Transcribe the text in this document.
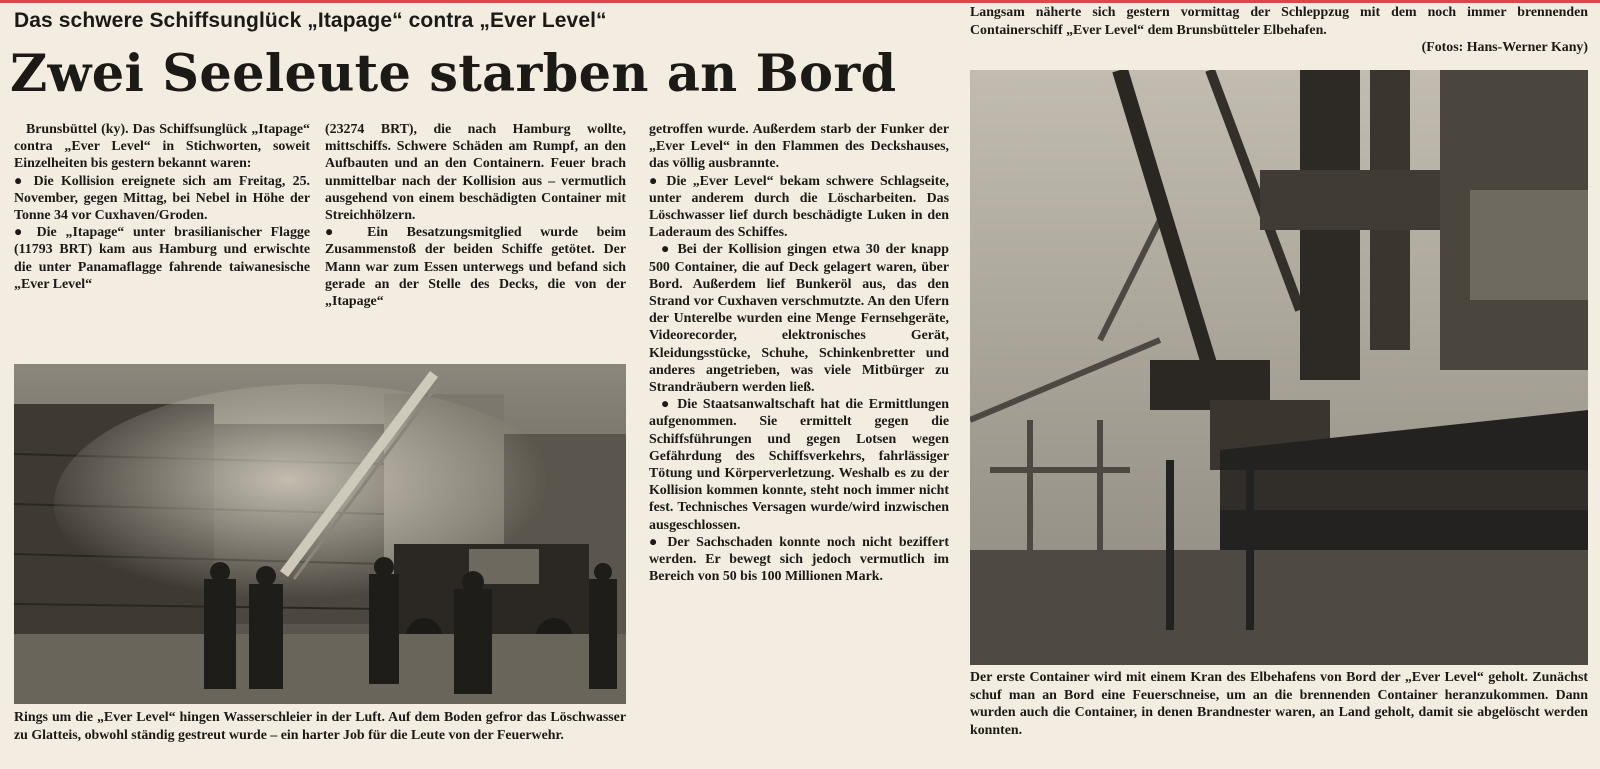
Das schwere Schiffsunglück „Itapage“ contra „Ever Level“
Zwei Seeleute starben an Bord

Brunsbüttel (ky). Das Schiffsunglück „Itapage“ contra „Ever Level“ in Stichworten, soweit Einzelheiten bis gestern bekannt waren:

● Die Kollision ereignete sich am Freitag, 25. November, gegen Mittag, bei Nebel in Höhe der Tonne 34 vor Cuxhaven/Groden.

● Die „Itapage“ unter brasilianischer Flagge (11793 BRT) kam aus Hamburg und erwischte die unter Panamaflagge fahrende taiwanesische „Ever Level“

(23274 BRT), die nach Hamburg wollte, mittschiffs. Schwere Schäden am Rumpf, an den Aufbauten und an den Containern. Feuer brach unmittelbar nach der Kollision aus – vermutlich ausgehend von einem beschädigten Container mit Streichhölzern.

● Ein Besatzungsmitglied wurde beim Zusammenstoß der beiden Schiffe getötet. Der Mann war zum Essen unterwegs und befand sich gerade an der Stelle des Decks, die von der „Itapage“

getroffen wurde. Außerdem starb der Funker der „Ever Level“ in den Flammen des Deckshauses, das völlig ausbrannte.

● Die „Ever Level“ bekam schwere Schlagseite, unter anderem durch die Löscharbeiten. Das Löschwasser lief durch beschädigte Luken in den Laderaum des Schiffes.

● Bei der Kollision gingen etwa 30 der knapp 500 Container, die auf Deck gelagert waren, über Bord. Außerdem lief Bunkeröl aus, das den Strand vor Cuxhaven verschmutzte. An den Ufern der Unterelbe wurden eine Menge Fernsehgeräte, Videorecorder, elektronisches Gerät, Kleidungsstücke, Schuhe, Schinkenbretter und anderes angetrieben, was viele Mitbürger zu Strandräubern werden ließ.

● Die Staatsanwaltschaft hat die Ermittlungen aufgenommen. Sie ermittelt gegen die Schiffsführungen und gegen Lotsen wegen Gefährdung des Schiffsverkehrs, fahrlässiger Tötung und Körperverletzung. Weshalb es zu der Kollision kommen konnte, steht noch immer nicht fest. Technisches Versagen wurde/wird inzwischen ausgeschlossen.

● Der Sachschaden konnte noch nicht beziffert werden. Er bewegt sich jedoch vermutlich im Bereich von 50 bis 100 Millionen Mark.

Rings um die „Ever Level“ hingen Wasserschleier in der Luft. Auf dem Boden gefror das Löschwasser zu Glatteis, obwohl ständig gestreut wurde – ein harter Job für die Leute von der Feuerwehr.
Langsam näherte sich gestern vormittag der Schleppzug mit dem noch immer brennenden Containerschiff „Ever Level“ dem Brunsbütteler Elbehafen.
(Fotos: Hans-Werner Kany)
Der erste Container wird mit einem Kran des Elbehafens von Bord der „Ever Level“ geholt. Zunächst schuf man an Bord eine Feuerschneise, um an die brennenden Container heranzukommen. Dann wurden auch die Container, in denen Brandnester waren, an Land geholt, damit sie abgelöscht werden konnten.
